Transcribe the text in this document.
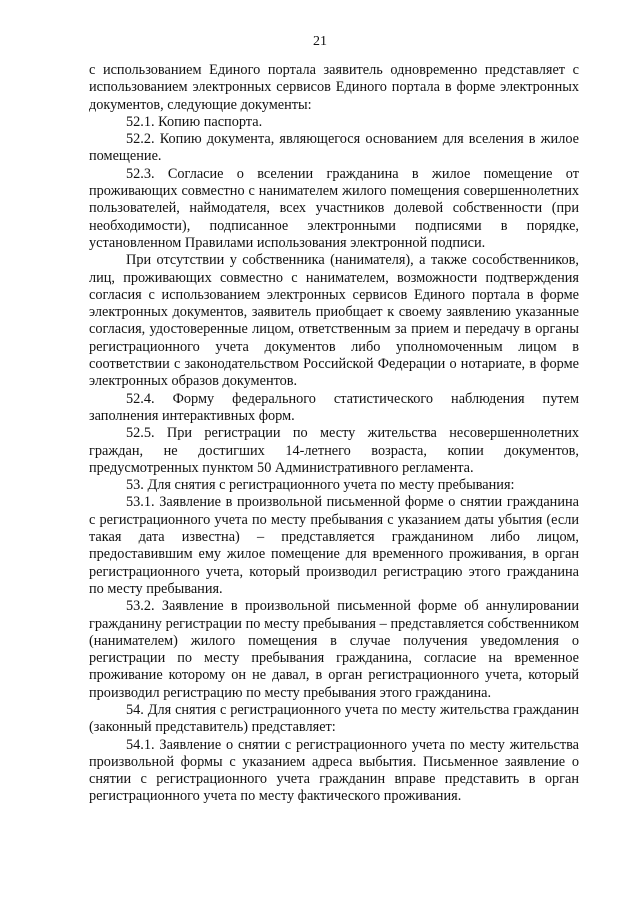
21

с использованием Единого портала заявитель одновременно представляет с использованием электронных сервисов Единого портала в форме электронных документов, следующие документы:

52.1. Копию паспорта.

52.2. Копию документа, являющегося основанием для вселения в жилое помещение.

52.3. Согласие о вселении гражданина в жилое помещение от проживающих совместно с нанимателем жилого помещения совершеннолетних пользователей, наймодателя, всех участников долевой собственности (при необходимости), подписанное электронными подписями в порядке, установленном Правилами использования электронной подписи.

При отсутствии у собственника (нанимателя), а также сособственников, лиц, проживающих совместно с нанимателем, возможности подтверждения согласия с использованием электронных сервисов Единого портала в форме электронных документов, заявитель приобщает к своему заявлению указанные согласия, удостоверенные лицом, ответственным за прием и передачу в органы регистрационного учета документов либо уполномоченным лицом в соответствии с законодательством Российской Федерации о нотариате, в форме электронных образов документов.

52.4. Форму федерального статистического наблюдения путем заполнения интерактивных форм.

52.5. При регистрации по месту жительства несовершеннолетних граждан, не достигших 14-летнего возраста, копии документов, предусмотренных пунктом 50 Административного регламента.

53. Для снятия с регистрационного учета по месту пребывания:

53.1. Заявление в произвольной письменной форме о снятии гражданина с регистрационного учета по месту пребывания с указанием даты убытия (если такая дата известна) – представляется гражданином либо лицом, предоставившим ему жилое помещение для временного проживания, в орган регистрационного учета, который производил регистрацию этого гражданина по месту пребывания.

53.2. Заявление в произвольной письменной форме об аннулировании гражданину регистрации по месту пребывания – представляется собственником (нанимателем) жилого помещения в случае получения уведомления о регистрации по месту пребывания гражданина, согласие на временное проживание которому он не давал, в орган регистрационного учета, который производил регистрацию по месту пребывания этого гражданина.

54. Для снятия с регистрационного учета по месту жительства гражданин (законный представитель) представляет:

54.1. Заявление о снятии с регистрационного учета по месту жительства произвольной формы с указанием адреса выбытия. Письменное заявление о снятии с регистрационного учета гражданин вправе представить в орган регистрационного учета по месту фактического проживания.
